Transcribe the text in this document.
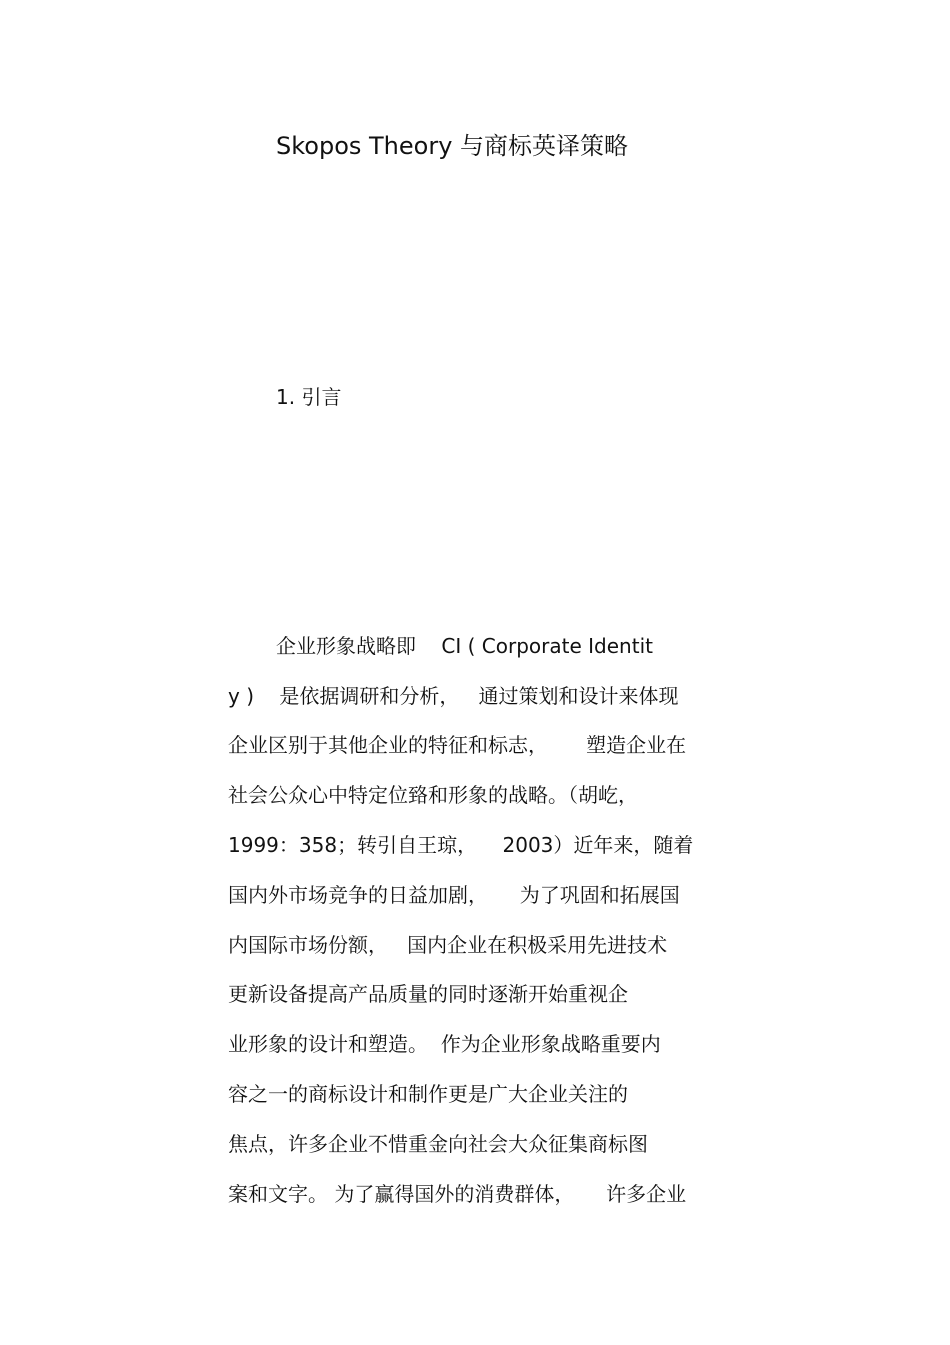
Skopos Theory 与商标英译策略
1. 引言
企业形象战略即    CI ( Corporate Identit
y )    是依据调研和分析，   通过策划和设计来体现
企业区别于其他企业的特征和标志，      塑造企业在
社会公众心中特定位臵和形象的战略。（胡屹，
1999：358；转引自王琼，    2003）近年来，随着
国内外市场竞争的日益加剧，     为了巩固和拓展国
内国际市场份额，   国内企业在积极采用先进技术
更新设备提高产品质量的同时逐渐开始重视企
业形象的设计和塑造。  作为企业形象战略重要内
容之一的商标设计和制作更是广大企业关注的
焦点，许多企业不惜重金向社会大众征集商标图
案和文字。 为了赢得国外的消费群体，     许多企业
